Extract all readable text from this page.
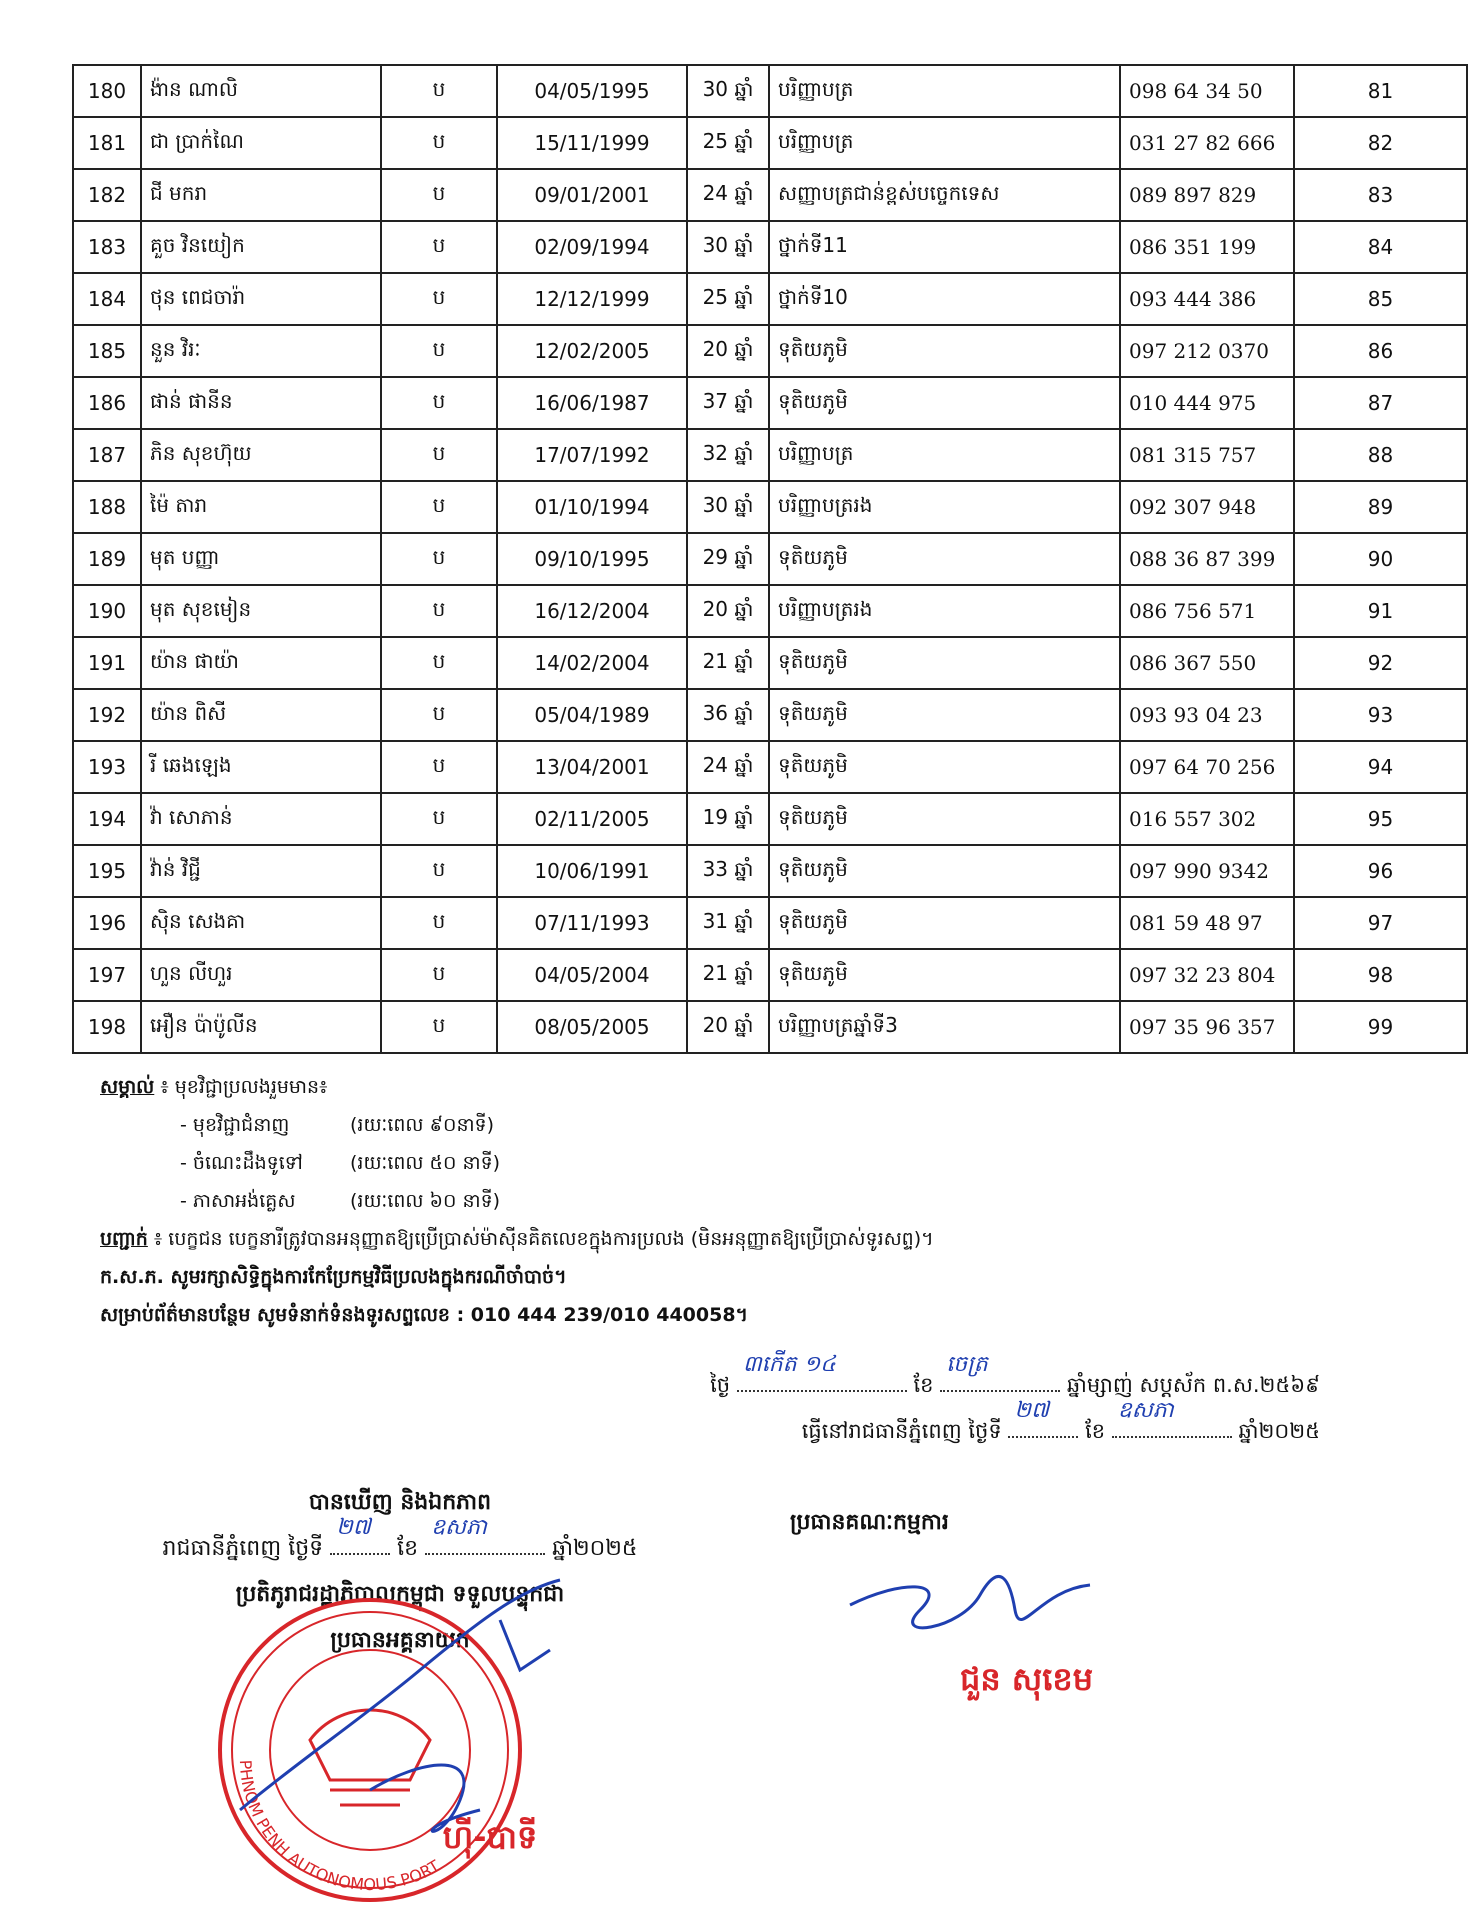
180	ង៉ាន ណាលិ	ប	04/05/1995	30 ឆ្នាំ	បរិញ្ញាបត្រ	098 64 34 50	81
181	ជា ប្រាក់ណៃ	ប	15/11/1999	25 ឆ្នាំ	បរិញ្ញាបត្រ	031 27 82 666	82
182	ជី មករា	ប	09/01/2001	24 ឆ្នាំ	សញ្ញាបត្រជាន់ខ្ពស់បច្ចេកទេស	089 897 829	83
183	គួច វិនយៀក	ប	02/09/1994	30 ឆ្នាំ	ថ្នាក់ទី11	086 351 199	84
184	ថុន ពេជចារ៉ា	ប	12/12/1999	25 ឆ្នាំ	ថ្នាក់ទី10	093 444 386	85
185	នួន វិរៈ	ប	12/02/2005	20 ឆ្នាំ	ទុតិយភូមិ	097 212 0370	86
186	ផាន់ ផានីន	ប	16/06/1987	37 ឆ្នាំ	ទុតិយភូមិ	010 444 975	87
187	ភិន សុខហ៊ុយ	ប	17/07/1992	32 ឆ្នាំ	បរិញ្ញាបត្រ	081 315 757	88
188	ម៉ៃ តារា	ប	01/10/1994	30 ឆ្នាំ	បរិញ្ញាបត្ររង	092 307 948	89
189	មុត បញ្ញា	ប	09/10/1995	29 ឆ្នាំ	ទុតិយភូមិ	088 36 87 399	90
190	មុត សុខមៀន	ប	16/12/2004	20 ឆ្នាំ	បរិញ្ញាបត្ររង	086 756 571	91
191	យ៉ាន ផាយ៉ា	ប	14/02/2004	21 ឆ្នាំ	ទុតិយភូមិ	086 367 550	92
192	យ៉ាន ពិសី	ប	05/04/1989	36 ឆ្នាំ	ទុតិយភូមិ	093 93 04 23	93
193	រី ឆេងឡេង	ប	13/04/2001	24 ឆ្នាំ	ទុតិយភូមិ	097 64 70 256	94
194	វ៉ា សោភាន់	ប	02/11/2005	19 ឆ្នាំ	ទុតិយភូមិ	016 557 302	95
195	វ៉ាន់ វិជ្ជី	ប	10/06/1991	33 ឆ្នាំ	ទុតិយភូមិ	097 990 9342	96
196	ស៊ិន សេងគា	ប	07/11/1993	31 ឆ្នាំ	ទុតិយភូមិ	081 59 48 97	97
197	ហួន លីហួរ	ប	04/05/2004	21 ឆ្នាំ	ទុតិយភូមិ	097 32 23 804	98
198	អឿន ប៉ាប៉ូលីន	ប	08/05/2005	20 ឆ្នាំ	បរិញ្ញាបត្រឆ្នាំទី3	097 35 96 357	99
សម្គាល់ ៖ មុខវិជ្ជាប្រលងរួមមាន៖
- មុខវិជ្ជាជំនាញ	(រយៈពេល ៩០នាទី)
- ចំណេះដឹងទូទៅ (រយៈពេល ៥០ នាទី)
- ភាសាអង់គ្លេស	(រយៈពេល ៦០ នាទី)
បញ្ជាក់ ៖ បេក្ខជន បេក្ខនារីត្រូវបានអនុញ្ញាតឱ្យប្រើប្រាស់ម៉ាស៊ីនគិតលេខក្នុងការប្រលង (មិនអនុញ្ញាតឱ្យប្រើប្រាស់ទូរសព្ទ)។
ក.ស.ភ. សូមរក្សាសិទ្ធិក្នុងការកែប្រែកម្មវិធីប្រលងក្នុងករណីចាំបាច់។
សម្រាប់ព័ត៌មានបន្ថែម សូមទំនាក់ទំនងទូរសព្ទលេខ : 010 444 239/010 440058។
ថ្ងៃ
៣កើត ១៤
ខែ
ចេត្រ
ឆ្នាំម្សាញ់ សប្តស័ក ព.ស.២៥៦៩
ធ្វើនៅរាជធានីភ្នំពេញ ថ្ងៃទី
២៧
ខែ
ឧសភា
ឆ្នាំ២០២៥
បានឃើញ និងឯកភាព
រាជធានីភ្នំពេញ ថ្ងៃទី
២៧
ខែ
ឧសភា
ឆ្នាំ២០២៥
ប្រតិភូរាជរដ្ឋាភិបាលកម្ពុជា ទទួលបន្ទុកជា
ប្រធានអគ្គនាយក
ហ៊ី-បាទី
ប្រធានគណៈកម្មការ
ជួន សុខេម
PHNOM PENH AUTONOMOUS PORT
